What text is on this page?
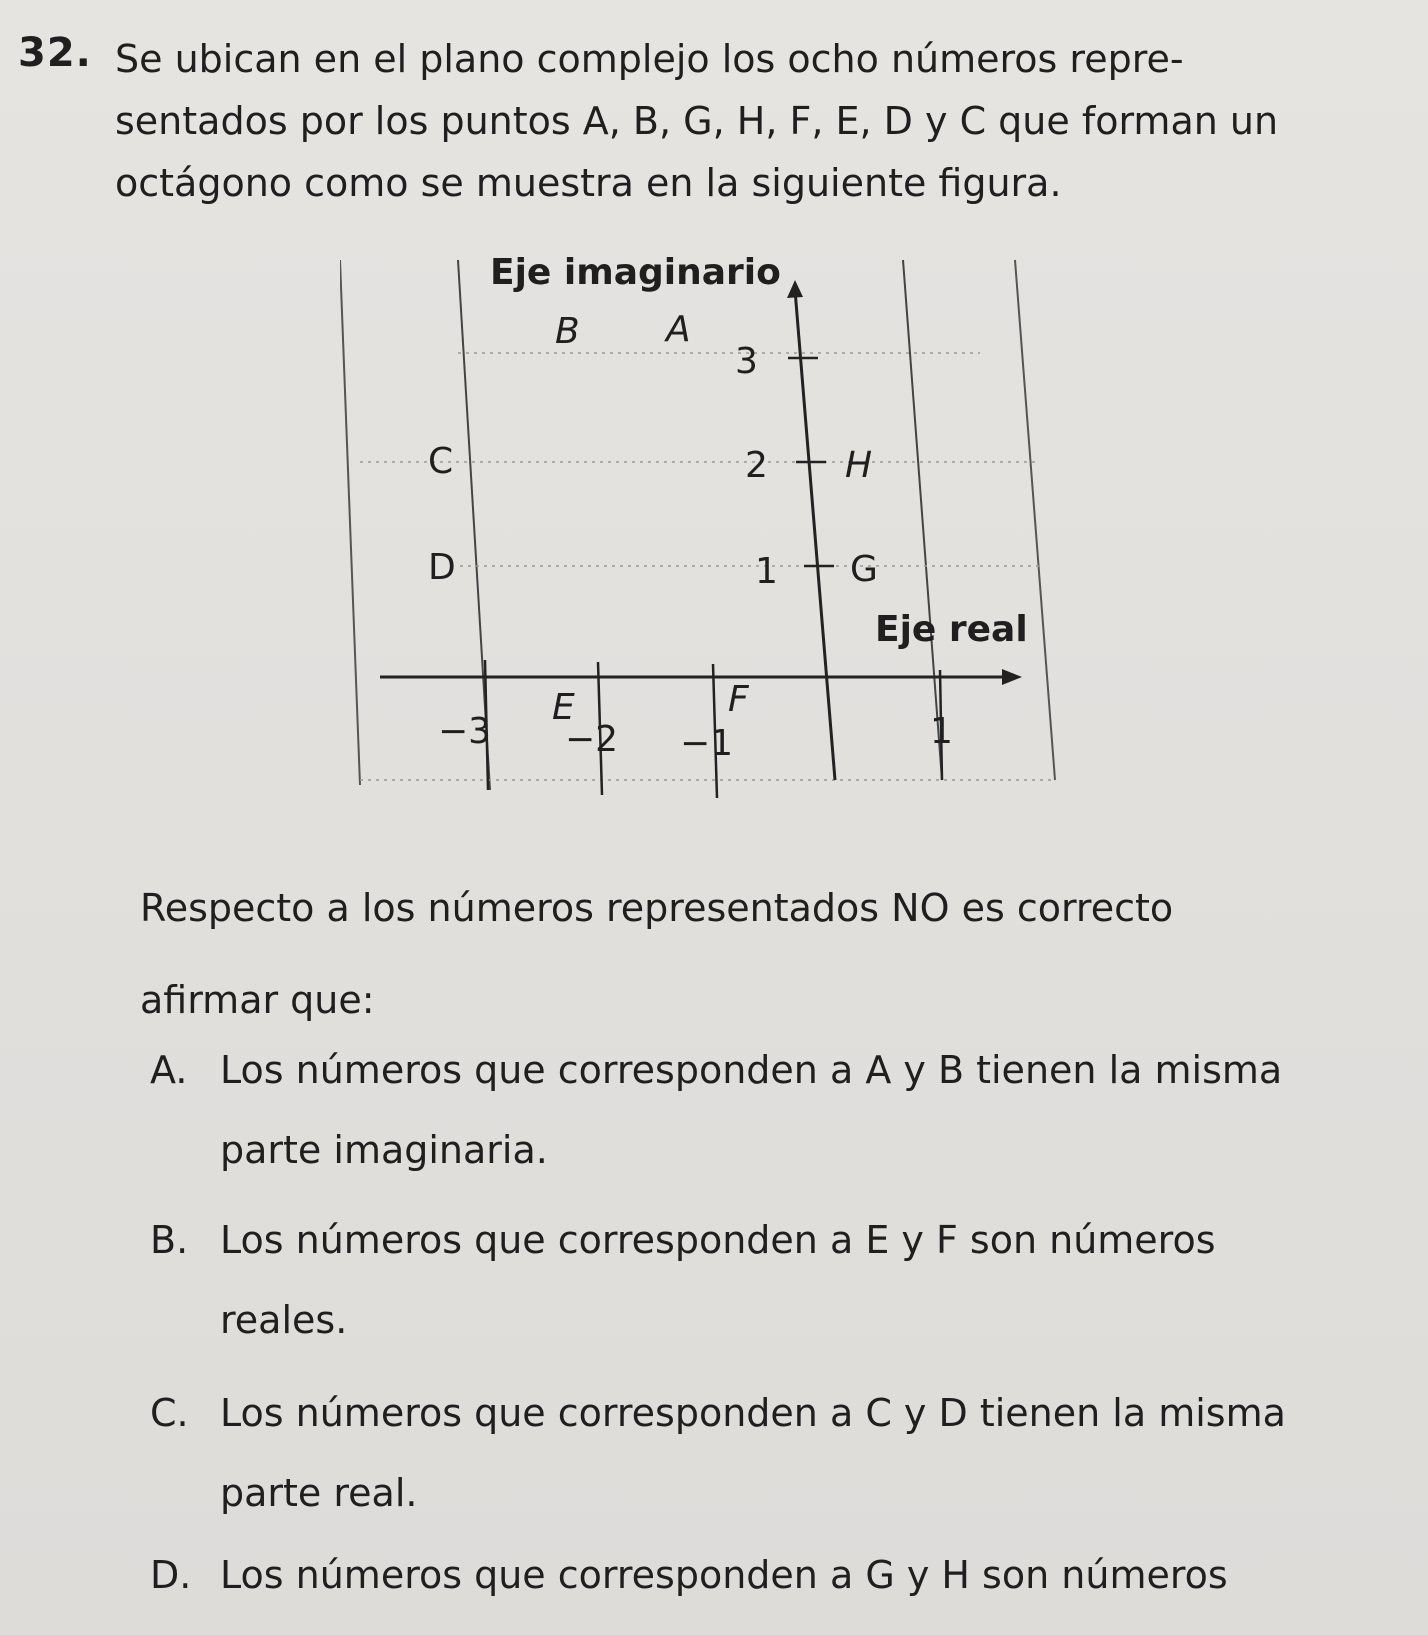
32. Se ubican en el plano complejo los ocho números repre-
sentados por los puntos A, B, G, H, F, E, D y C que forman un
octágono como se muestra en la siguiente figura.
Eje imaginario
Eje real
3
2
1
−3 −2 −1	1
A
B
C
D
E	F
G
H
Respecto a los números representados NO es correcto
afirmar que:
A. Los números que corresponden a A y B tienen la misma
parte imaginaria.
B. Los números que corresponden a E y F son números
reales.
C. Los números que corresponden a C y D tienen la misma
parte real.
D. Los números que corresponden a G y H son números
